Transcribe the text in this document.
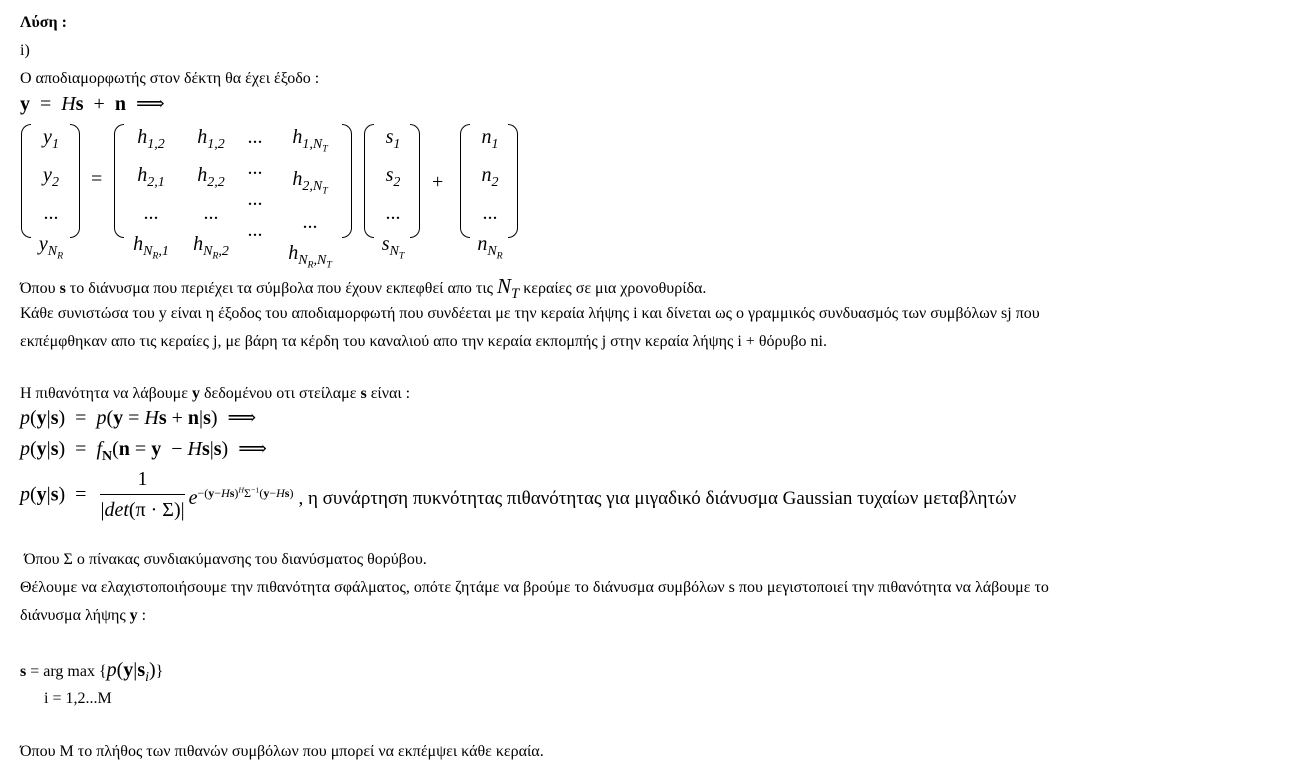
Λύση :
i)
Ο αποδιαμορφωτής στον δέκτη θα έχει έξοδο :
y  =  Hs  +  n  ⟹
$y_1$
$y_2$
...
$y_{N_R}$
=
$h_{1,2}$
$h_{2,1}$
...
$h_{N_R,1}$
$h_{1,2}$
$h_{2,2}$
...
$h_{N_R,2}$
...
...
...
...
$h_{1,N_T}$
$h_{2,N_T}$
...
$h_{N_R,N_T}$
$s_1$
$s_2$
...
$s_{N_T}$
+
$n_1$
$n_2$
...
$n_{N_R}$
Όπου s το διάνυσμα που περιέχει τα σύμβολα που έχουν εκπεφθεί απο τις $N_T$ κεραίες σε μια χρονοθυρίδα.
Κάθε συνιστώσα του y είναι η έξοδος του αποδιαμορφωτή που συνδέεται με την κεραία λήψης i και δίνεται ως ο γραμμικός συνδυασμός των συμβόλων sj που
εκπέμφθηκαν απο τις κεραίες j, με βάρη τα κέρδη του καναλιού απο την κεραία εκπομπής j στην κεραία λήψης i + θόρυβο ni.
Η πιθανότητα να λάβουμε y δεδομένου οτι στείλαμε s είναι :
p(y|s)  =  p(y = Hs + n|s)  ⟹
$p(y|s) = f_N(n = y - Hs|s)$  ⟹
$p(y|s) = \frac{1}{|\det(\pi \cdot \Sigma)|} e^{-(y-Hs)^H\Sigma^{-1}(y-Hs)}$ , η συνάρτηση πυκνότητας πιθανότητας για μιγαδικό διάνυσμα Gaussian τυχαίων μεταβλητών
Όπου Σ ο πίνακας συνδιακύμανσης του διανύσματος θορύβου.
Θέλουμε να ελαχιστοποιήσουμε την πιθανότητα σφάλματος, οπότε ζητάμε να βρούμε το διάνυσμα συμβόλων s που μεγιστοποιεί την πιθανότητα να λάβουμε το
διάνυσμα λήψης y :
s = arg $\max \{p(y|s_i)\}$
i = 1,2...M
Όπου M το πλήθος των πιθανών συμβόλων που μπορεί να εκπέμψει κάθε κεραία.
